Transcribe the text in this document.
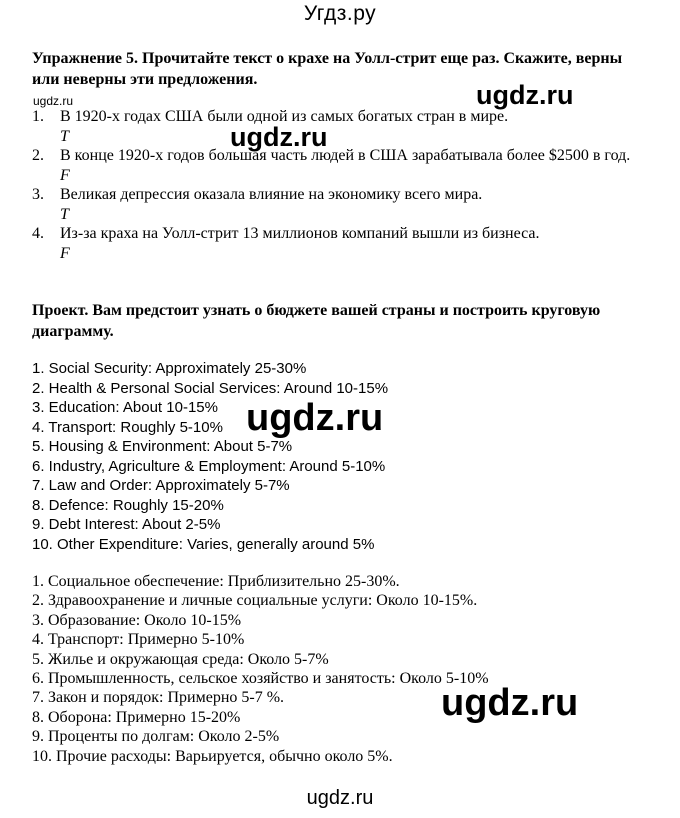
Угдз.ру
Упражнение 5. Прочитайте текст о крахе на Уолл-стрит еще раз. Скажите, верны или неверны эти предложения.
ugdz.ru
1.	В 1920-х годах США были одной из самых богатых стран в мире.
T
2.	В конце 1920-х годов большая часть людей в США зарабатывала более $2500 в год.
F
3.	Великая депрессия оказала влияние на экономику всего мира.
T
4.	Из-за краха на Уолл-стрит 13 миллионов компаний вышли из бизнеса.
F
Проект. Вам предстоит узнать о бюджете вашей страны и построить круговую диаграмму.
1. Social Security: Approximately 25-30%
2. Health & Personal Social Services: Around 10-15%
3. Education: About 10-15%
4. Transport: Roughly 5-10%
5. Housing & Environment: About 5-7%
6. Industry, Agriculture & Employment: Around 5-10%
7. Law and Order: Approximately 5-7%
8. Defence: Roughly 15-20%
9. Debt Interest: About 2-5%
10. Other Expenditure: Varies, generally around 5%
1. Социальное обеспечение: Приблизительно 25-30%.
2. Здравоохранение и личные социальные услуги: Около 10-15%.
3. Образование: Около 10-15%
4. Транспорт: Примерно 5-10%
5. Жилье и окружающая среда: Около 5-7%
6. Промышленность, сельское хозяйство и занятость: Около 5-10%
7. Закон и порядок: Примерно 5-7 %.
8. Оборона: Примерно 15-20%
9. Проценты по долгам: Около 2-5%
10. Прочие расходы: Варьируется, обычно около 5%.
ugdz.ru
ugdz.ru
ugdz.ru
ugdz.ru
ugdz.ru
